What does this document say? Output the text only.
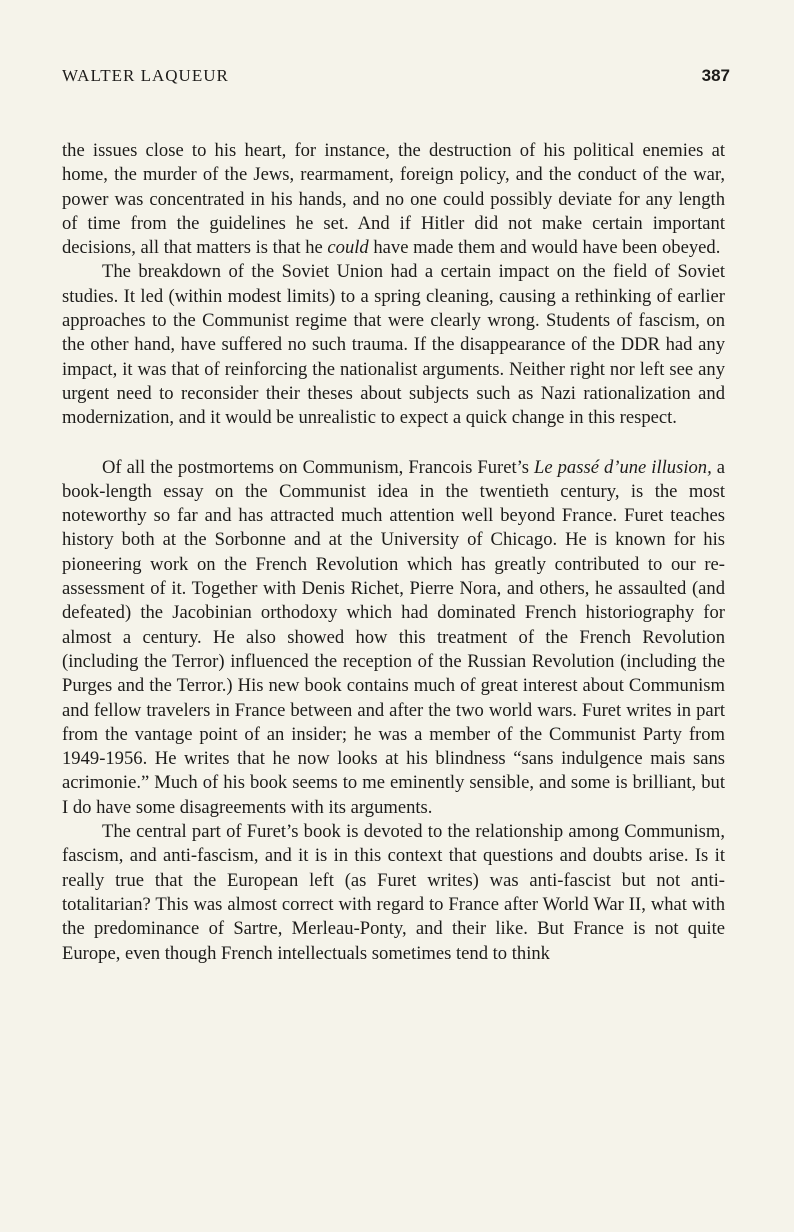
WALTER LAQUEUR	387

the issues close to his heart, for instance, the destruction of his political enemies at home, the murder of the Jews, rearmament, foreign policy, and the conduct of the war, power was concentrated in his hands, and no one could possibly deviate for any length of time from the guidelines he set. And if Hitler did not make certain important decisions, all that matters is that he could have made them and would have been obeyed.

The breakdown of the Soviet Union had a certain impact on the field of Soviet studies. It led (within modest limits) to a spring cleaning, causing a rethinking of earlier approaches to the Communist regime that were clearly wrong. Students of fascism, on the other hand, have suffered no such trauma. If the disappearance of the DDR had any impact, it was that of reinforcing the nationalist arguments. Neither right nor left see any urgent need to reconsider their theses about subjects such as Nazi rationalization and modernization, and it would be unrealistic to expect a quick change in this respect.

Of all the postmortems on Communism, Francois Furet’s Le passé d’une illusion, a book-length essay on the Communist idea in the twentieth century, is the most noteworthy so far and has attracted much attention well beyond France. Furet teaches history both at the Sorbonne and at the University of Chicago. He is known for his pioneering work on the French Revolution which has greatly contributed to our reassessment of it. Together with Denis Richet, Pierre Nora, and others, he assaulted (and defeated) the Jacobinian orthodoxy which had dominated French historiography for almost a century. He also showed how this treatment of the French Revolution (including the Terror) influenced the reception of the Russian Revolution (including the Purges and the Terror.) His new book contains much of great interest about Communism and fellow travelers in France between and after the two world wars. Furet writes in part from the vantage point of an insider; he was a member of the Communist Party from 1949-1956. He writes that he now looks at his blindness “sans indulgence mais sans acrimonie.” Much of his book seems to me eminently sensible, and some is brilliant, but I do have some disagreements with its arguments.

The central part of Furet’s book is devoted to the relationship among Communism, fascism, and anti-fascism, and it is in this context that questions and doubts arise. Is it really true that the European left (as Furet writes) was anti-fascist but not anti-totalitarian? This was almost correct with regard to France after World War II, what with the predominance of Sartre, Merleau-Ponty, and their like. But France is not quite Europe, even though French intellectuals sometimes tend to think
